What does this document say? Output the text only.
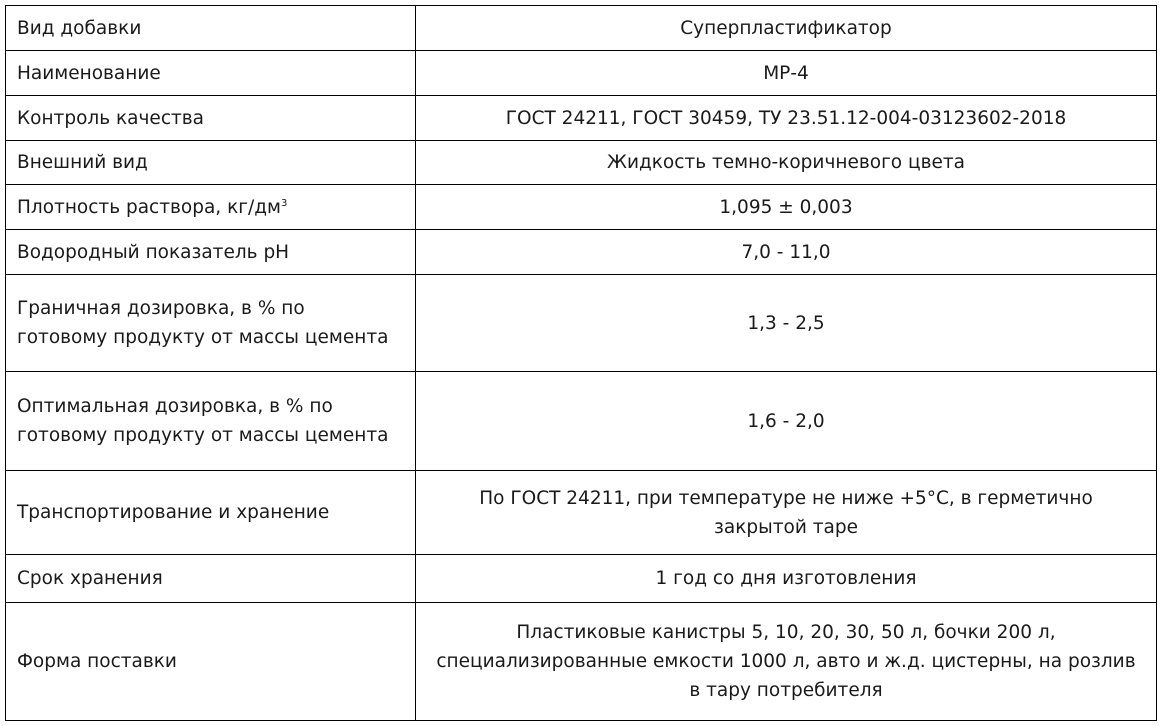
Вид добавки	Суперпластификатор
Наименование	МР-4
Контроль качества	ГОСТ 24211, ГОСТ 30459, ТУ 23.51.12-004-03123602-2018
Внешний вид	Жидкость темно-коричневого цвета
Плотность раствора, $кг/дм^3$	1,095 ± 0,003
Водородный показатель pH	7,0 - 11,0

Граничная дозировка, в % по
готовому продукту от массы цемента	1,3 - 2,5

Оптимальная дозировка, в % по
готовому продукту от массы цемента	1,6 - 2,0
Транспортирование и хранение	По ГОСТ 24211, при температуре не ниже +5°С, в герметично
закрытой таре

Срок хранения	1 год со дня изготовления
Форма поставки	Пластиковые канистры 5, 10, 20, 30, 50 л, бочки 200 л,
специализированные емкости 1000 л, авто и ж.д. цистерны, на розлив
в тару потребителя
